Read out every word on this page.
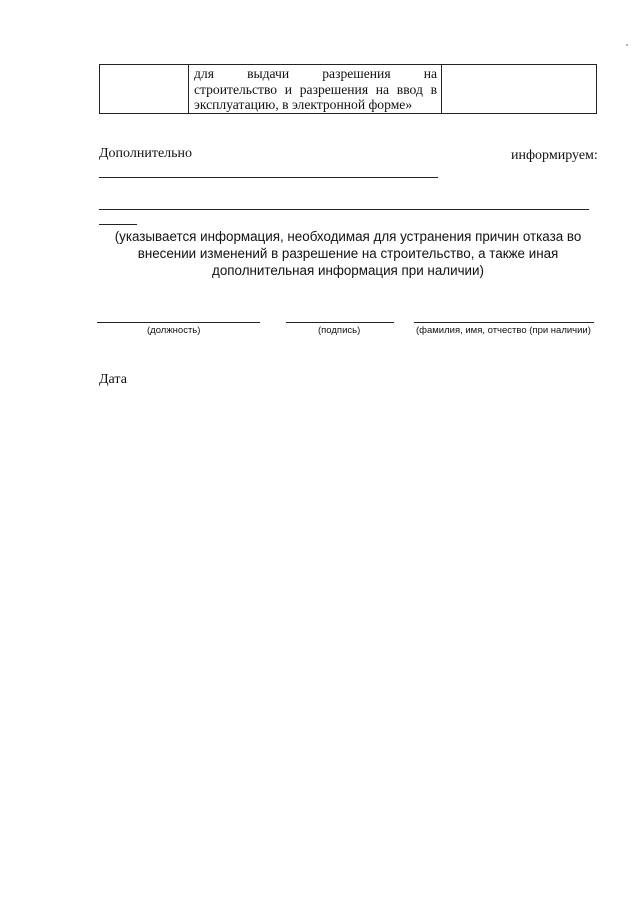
для выдачи разрешения на
строительство и разрешения на ввод в
эксплуатацию, в электронной форме»

Дополнительно	информируем:
(указывается информация, необходимая для устранения причин отказа во внесении изменений в разрешение на строительство, а также иная дополнительная информация при наличии)
(должность)	(подпись)	(фамилия, имя, отчество (при наличии)
Дата
